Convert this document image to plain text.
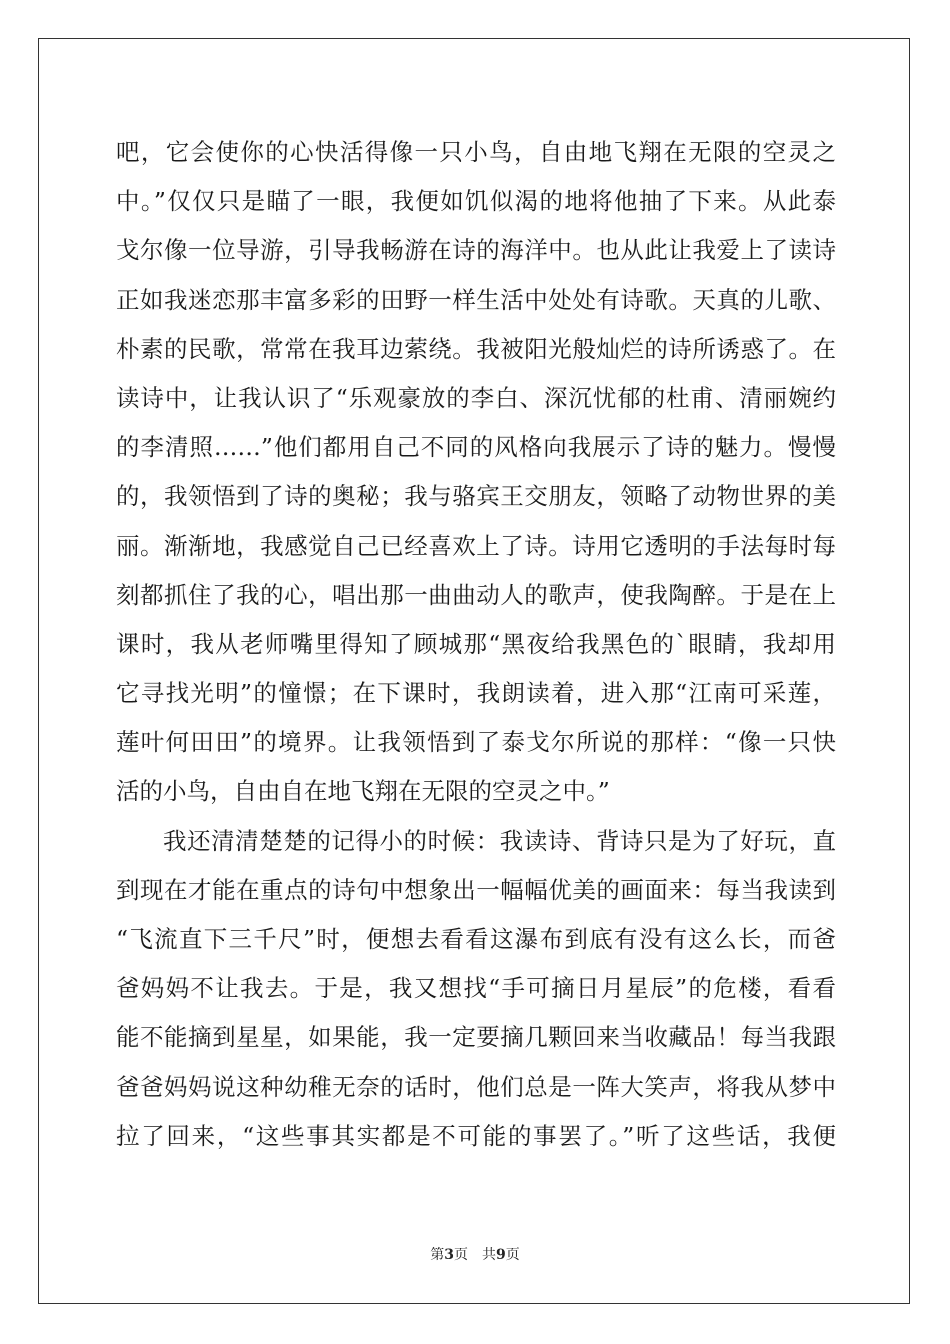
吧，它会使你的心快活得像一只小鸟，自由地飞翔在无限的空灵之
中。”仅仅只是瞄了一眼，我便如饥似渴的地将他抽了下来。从此泰
戈尔像一位导游，引导我畅游在诗的海洋中。也从此让我爱上了读诗
正如我迷恋那丰富多彩的田野一样生活中处处有诗歌。天真的儿歌、
朴素的民歌，常常在我耳边萦绕。我被阳光般灿烂的诗所诱惑了。在
读诗中，让我认识了“乐观豪放的李白、深沉忧郁的杜甫、清丽婉约
的李清照……”他们都用自己不同的风格向我展示了诗的魅力。慢慢
的，我领悟到了诗的奥秘；我与骆宾王交朋友，领略了动物世界的美
丽。渐渐地，我感觉自己已经喜欢上了诗。诗用它透明的手法每时每
刻都抓住了我的心，唱出那一曲曲动人的歌声，使我陶醉。于是在上
课时，我从老师嘴里得知了顾城那“黑夜给我黑色的`眼睛，我却用
它寻找光明”的憧憬；在下课时，我朗读着，进入那“江南可采莲，
莲叶何田田”的境界。让我领悟到了泰戈尔所说的那样：“像一只快
活的小鸟，自由自在地飞翔在无限的空灵之中。”
我还清清楚楚的记得小的时候：我读诗、背诗只是为了好玩，直
到现在才能在重点的诗句中想象出一幅幅优美的画面来：每当我读到
“飞流直下三千尺”时，便想去看看这瀑布到底有没有这么长，而爸
爸妈妈不让我去。于是，我又想找“手可摘日月星辰”的危楼，看看
能不能摘到星星，如果能，我一定要摘几颗回来当收藏品！每当我跟
爸爸妈妈说这种幼稚无奈的话时，他们总是一阵大笑声，将我从梦中
拉了回来，“这些事其实都是不可能的事罢了。”听了这些话，我便
第3页　共9页
